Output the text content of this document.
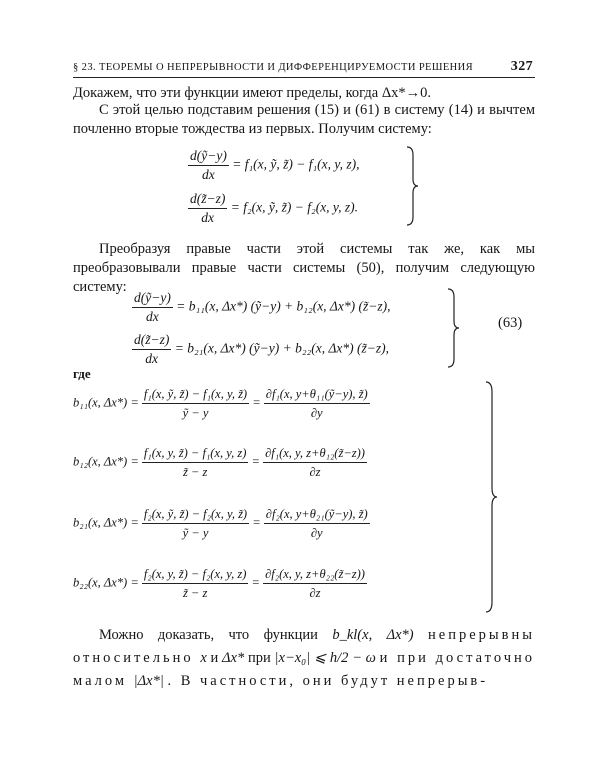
§ 23. ТЕОРЕМЫ О НЕПРЕРЫВНОСТИ И ДИФФЕРЕНЦИРУЕМОСТИ РЕШЕНИЯ	327
Докажем, что эти функции имеют пределы, когда Δx*→0.
С этой целью подставим решения (15) и (61) в систему (14) и вычтем почленно вторые тождества из первых. Получим систему:
$\frac{\text{d(ỹ−y)}}{dx} = f_1(x$, ỹ, z̃) − f₁(x, y, z),
$\frac{d(z̃-z)}{dx} = f_2(x$, ỹ, z̃) − f₂(x, y, z).
Преобразуя правые части этой системы так же, как мы преобразовывали правые части системы (50), получим следующую систему:
$\frac{\text{d(ỹ−y)}}{dx} = b_{11}(x$, Δx*) (ỹ−y) + b₁₂(x, Δx*) (z̃−z),
$\frac{d(z̃-z)}{dx} = b_{21}(x$, Δx*) (ỹ−y) + b₂₂(x, Δx*) (z̃−z),
(63)
где
b₁₁(x, $\Delta x*) = \frac{\text{f₁(x, ỹ, z̃) − f₁(x, y, z̃)}}{\text{ỹ − y}} = \frac{\text{∂f₁(x, y+θ₁₁(ỹ−y), z̃)}}{\partial y}$
b₁₂(x, $\Delta x*) = \frac{\text{f₁(x, y, z̃) − f₁(x, y, z)}}{z̃ - z} = \frac{\text{∂f₁(x, y, z+θ₁₂(z̃−z))}}{\partial z}$
b₂₁(x, $\Delta x*) = \frac{\text{f₂(x, ỹ, z̃) − f₂(x, y, z̃)}}{\text{ỹ − y}} = \frac{\text{∂f₂(x, y+θ₂₁(ỹ−y), z̃)}}{\partial y}$
b₂₂(x, $\Delta x*) = \frac{\text{f₂(x, y, z̃) − f₂(x, y, z)}}{z̃ - z} = \frac{\text{∂f₂(x, y, z+θ₂₂(z̃−z))}}{\partial z}$
Можно доказать, что функции b_kl(x, Δx*) непрерывны относительно x и Δx* при |x−x₀| ⩽ h/2 − ω и при достаточно малом |Δx*| . В частности, они будут непрерыв-
